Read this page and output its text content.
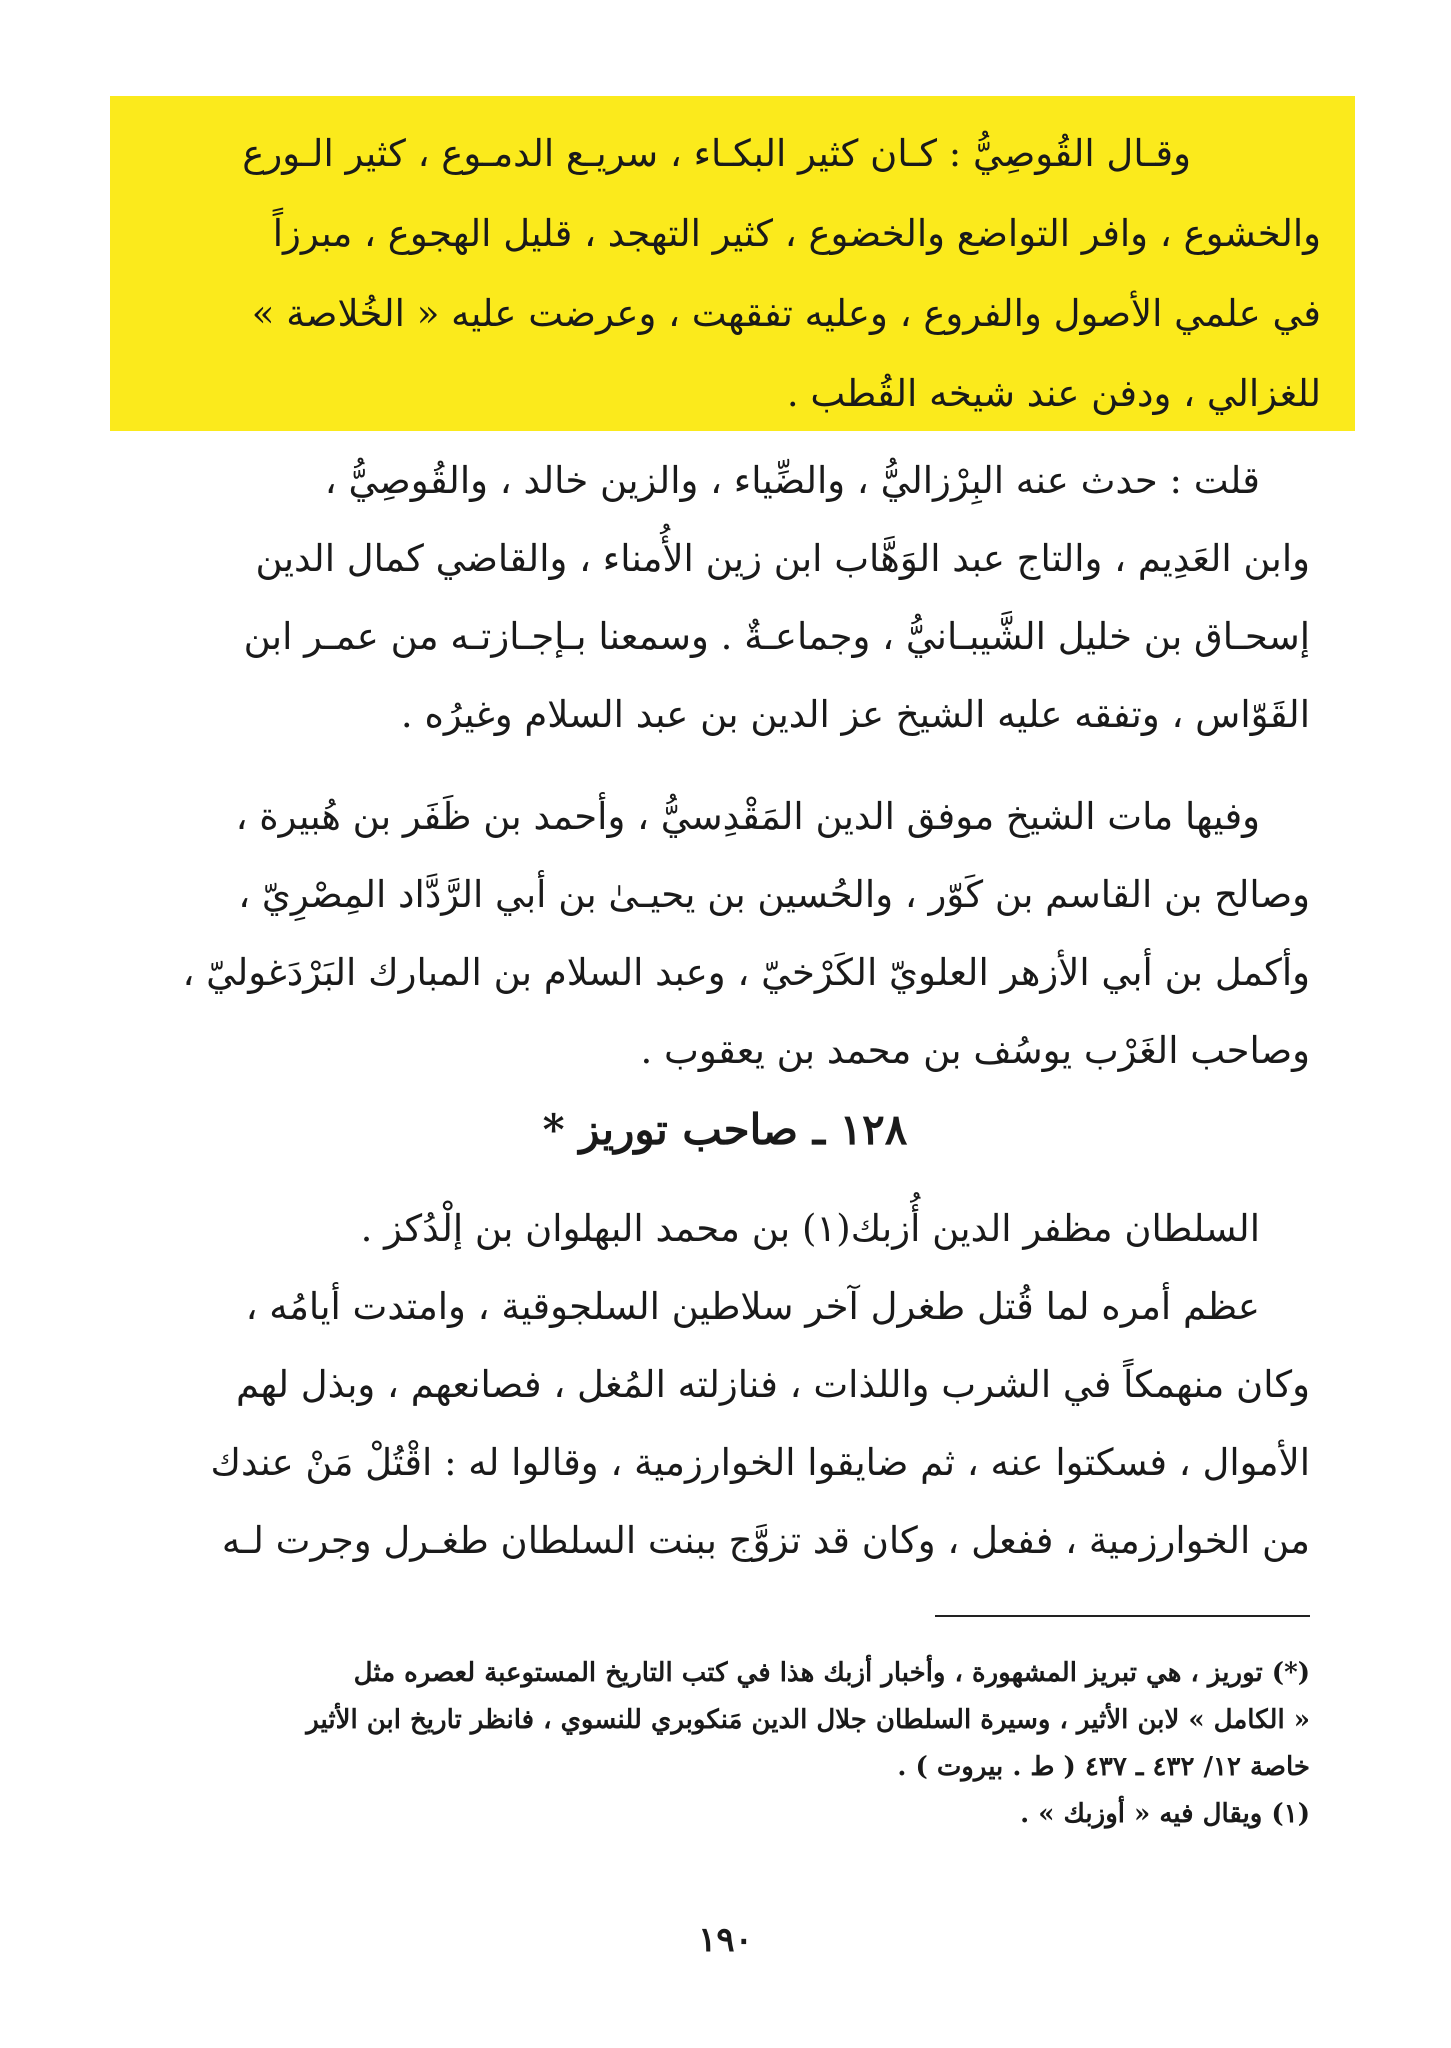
وقـال القُوصِيُّ : كـان كثير البكـاء ، سريـع الدمـوع ، كثير الـورع
والخشوع ، وافر التواضع والخضوع ، كثير التهجد ، قليل الهجوع ، مبرزاً
في علمي الأصول والفروع ، وعليه تفقهت ، وعرضت عليه « الخُلاصة »
للغزالي ، ودفن عند شيخه القُطب .
قلت : حدث عنه البِرْزاليُّ ، والضِّياء ، والزين خالد ، والقُوصِيُّ ،
وابن العَدِيم ، والتاج عبد الوَهَّاب ابن زين الأُمناء ، والقاضي كمال الدين
إسحـاق بن خليل الشَّيبـانيُّ ، وجماعـةٌ . وسمعنا بـإجـازتـه من عمـر ابن
القَوّاس ، وتفقه عليه الشيخ عز الدين بن عبد السلام وغيرُه .
وفيها مات الشيخ موفق الدين المَقْدِسيُّ ، وأحمد بن ظَفَر بن هُبيرة ،
وصالح بن القاسم بن كَوّر ، والحُسين بن يحيـىٰ بن أبي الرَّدَّاد المِصْرِيّ ،
وأكمل بن أبي الأزهر العلويّ الكَرْخيّ ، وعبد السلام بن المبارك البَرْدَغوليّ ،
وصاحب الغَرْب يوسُف بن محمد بن يعقوب .
١٢٨ ـ صاحب توريز *
السلطان مظفر الدين أُزبك(١) بن محمد البهلوان بن إلْدُكز .
عظم أمره لما قُتل طغرل آخر سلاطين السلجوقية ، وامتدت أيامُه ،
وكان منهمكاً في الشرب واللذات ، فنازلته المُغل ، فصانعهم ، وبذل لهم
الأموال ، فسكتوا عنه ، ثم ضايقوا الخوارزمية ، وقالوا له : اقْتُلْ مَنْ عندك
من الخوارزمية ، ففعل ، وكان قد تزوَّج ببنت السلطان طغـرل وجرت لـه
(*) توريز ، هي تبريز المشهورة ، وأخبار أزبك هذا في كتب التاريخ المستوعبة لعصره مثل
« الكامل » لابن الأثير ، وسيرة السلطان جلال الدين مَنكوبري للنسوي ، فانظر تاريخ ابن الأثير
خاصة ١٢/ ٤٣٢ ـ ٤٣٧ ( ط . بيروت ) .
(١) ويقال فيه « أوزبك » .
١٩٠
